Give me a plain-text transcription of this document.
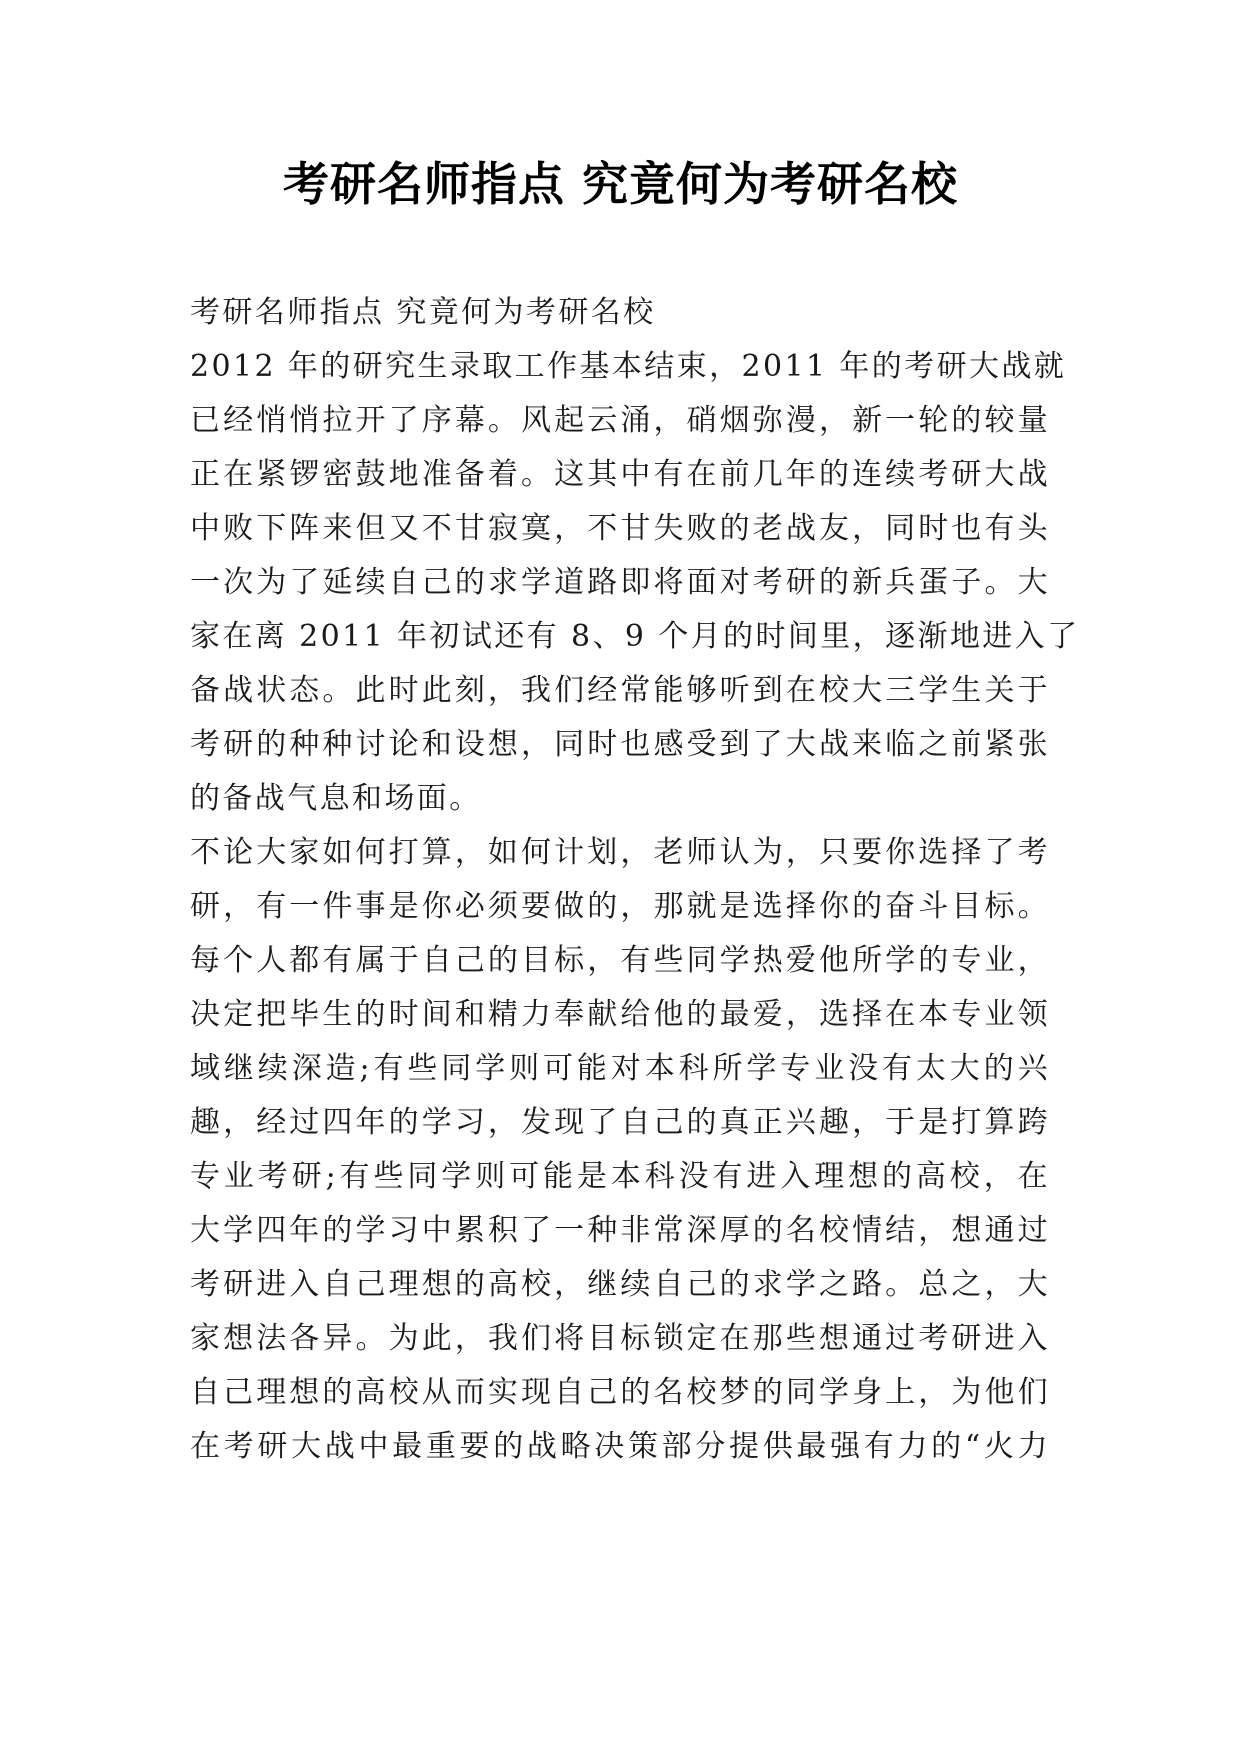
考研名师指点 究竟何为考研名校
考研名师指点 究竟何为考研名校
2012 年的研究生录取工作基本结束，2011 年的考研大战就
已经悄悄拉开了序幕。风起云涌，硝烟弥漫，新一轮的较量
正在紧锣密鼓地准备着。这其中有在前几年的连续考研大战
中败下阵来但又不甘寂寞，不甘失败的老战友，同时也有头
一次为了延续自己的求学道路即将面对考研的新兵蛋子。大
家在离 2011 年初试还有 8、9 个月的时间里，逐渐地进入了
备战状态。此时此刻，我们经常能够听到在校大三学生关于
考研的种种讨论和设想，同时也感受到了大战来临之前紧张
的备战气息和场面。
不论大家如何打算，如何计划，老师认为，只要你选择了考
研，有一件事是你必须要做的，那就是选择你的奋斗目标。
每个人都有属于自己的目标，有些同学热爱他所学的专业，
决定把毕生的时间和精力奉献给他的最爱，选择在本专业领
域继续深造;有些同学则可能对本科所学专业没有太大的兴
趣，经过四年的学习，发现了自己的真正兴趣，于是打算跨
专业考研;有些同学则可能是本科没有进入理想的高校，在
大学四年的学习中累积了一种非常深厚的名校情结，想通过
考研进入自己理想的高校，继续自己的求学之路。总之，大
家想法各异。为此，我们将目标锁定在那些想通过考研进入
自己理想的高校从而实现自己的名校梦的同学身上，为他们
在考研大战中最重要的战略决策部分提供最强有力的“火力
